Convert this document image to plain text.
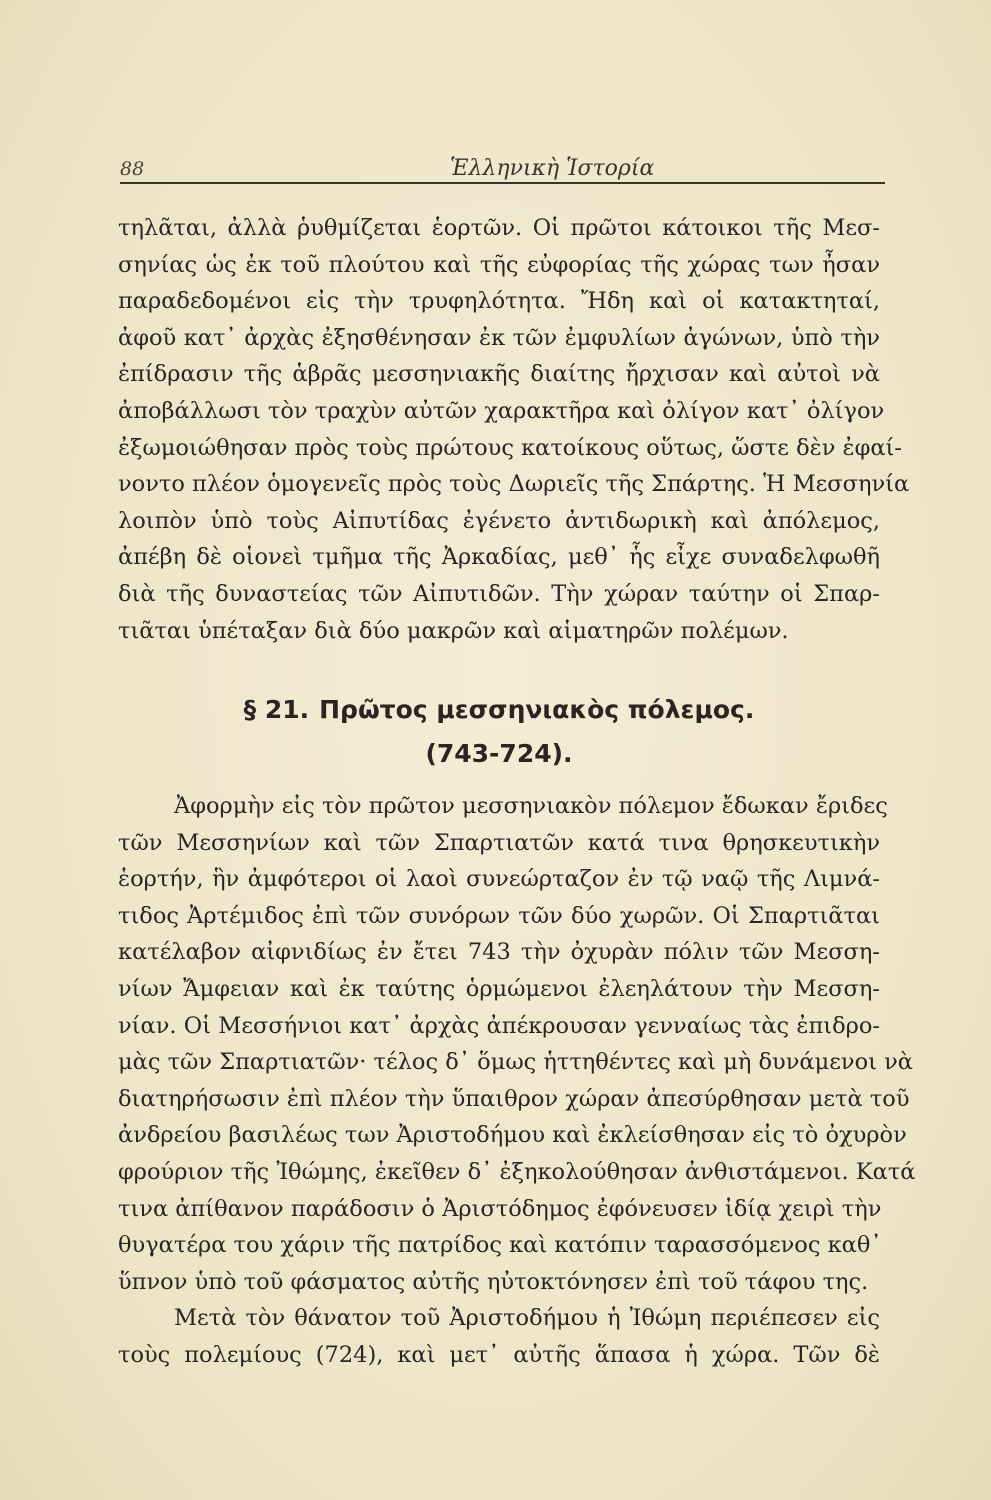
88	Ἑλληνικὴ Ἱστορία
τηλᾶται, ἀλλὰ ῥυθμίζεται ἑορτῶν. Οἱ πρῶτοι κάτοικοι τῆς Μεσ-
σηνίας ὡς ἐκ τοῦ πλούτου καὶ τῆς εὐφορίας τῆς χώρας των ἦσαν
παραδεδομένοι εἰς τὴν τρυφηλότητα. Ἤδη καὶ οἱ κατακτηταί,
ἀφοῦ κατ᾽ ἀρχὰς ἐξησθένησαν ἐκ τῶν ἐμφυλίων ἀγώνων, ὑπὸ τὴν
ἐπίδρασιν τῆς ἁβρᾶς μεσσηνιακῆς διαίτης ἤρχισαν καὶ αὐτοὶ νὰ
ἀποβάλλωσι τὸν τραχὺν αὐτῶν χαρακτῆρα καὶ ὀλίγον κατ᾽ ὀλίγον
ἐξωμοιώθησαν πρὸς τοὺς πρώτους κατοίκους οὕτως, ὥστε δὲν ἐφαί-
νοντο πλέον ὁμογενεῖς πρὸς τοὺς Δωριεῖς τῆς Σπάρτης. Ἡ Μεσσηνία
λοιπὸν ὑπὸ τοὺς Αἰπυτίδας ἐγένετο ἀντιδωρικὴ καὶ ἀπόλεμος,
ἀπέβη δὲ οἱονεὶ τμῆμα τῆς Ἀρκαδίας, μεθ᾽ ἧς εἶχε συναδελφωθῆ
διὰ τῆς δυναστείας τῶν Αἰπυτιδῶν. Τὴν χώραν ταύτην οἱ Σπαρ-
τιᾶται ὑπέταξαν διὰ δύο μακρῶν καὶ αἱματηρῶν πολέμων.
§ 21. Πρῶτος μεσσηνιακὸς πόλεμος.
(743-724).
Ἀφορμὴν εἰς τὸν πρῶτον μεσσηνιακὸν πόλεμον ἔδωκαν ἔριδες
τῶν Μεσσηνίων καὶ τῶν Σπαρτιατῶν κατά τινα θρησκευτικὴν
ἑορτήν, ἣν ἀμφότεροι οἱ λαοὶ συνεώρταζον ἐν τῷ ναῷ τῆς Λιμνά-
τιδος Ἀρτέμιδος ἐπὶ τῶν συνόρων τῶν δύο χωρῶν. Οἱ Σπαρτιᾶται
κατέλαβον αἰφνιδίως ἐν ἔτει 743 τὴν ὀχυρὰν πόλιν τῶν Μεσση-
νίων Ἄμφειαν καὶ ἐκ ταύτης ὁρμώμενοι ἐλεηλάτουν τὴν Μεσση-
νίαν. Οἱ Μεσσήνιοι κατ᾽ ἀρχὰς ἀπέκρουσαν γενναίως τὰς ἐπιδρο-
μὰς τῶν Σπαρτιατῶν· τέλος δ᾽ ὅμως ἡττηθέντες καὶ μὴ δυνάμενοι νὰ
διατηρήσωσιν ἐπὶ πλέον τὴν ὕπαιθρον χώραν ἀπεσύρθησαν μετὰ τοῦ
ἀνδρείου βασιλέως των Ἀριστοδήμου καὶ ἐκλείσθησαν εἰς τὸ ὀχυρὸν
φρούριον τῆς Ἰθώμης, ἐκεῖθεν δ᾽ ἐξηκολούθησαν ἀνθιστάμενοι. Κατά
τινα ἀπίθανον παράδοσιν ὁ Ἀριστόδημος ἐφόνευσεν ἰδίᾳ χειρὶ τὴν
θυγατέρα του χάριν τῆς πατρίδος καὶ κατόπιν ταρασσόμενος καθ᾽
ὕπνον ὑπὸ τοῦ φάσματος αὐτῆς ηὐτοκτόνησεν ἐπὶ τοῦ τάφου της.
Μετὰ τὸν θάνατον τοῦ Ἀριστοδήμου ἡ Ἰθώμη περιέπεσεν εἰς
τοὺς πολεμίους (724), καὶ μετ᾽ αὐτῆς ἅπασα ἡ χώρα. Τῶν δὲ
